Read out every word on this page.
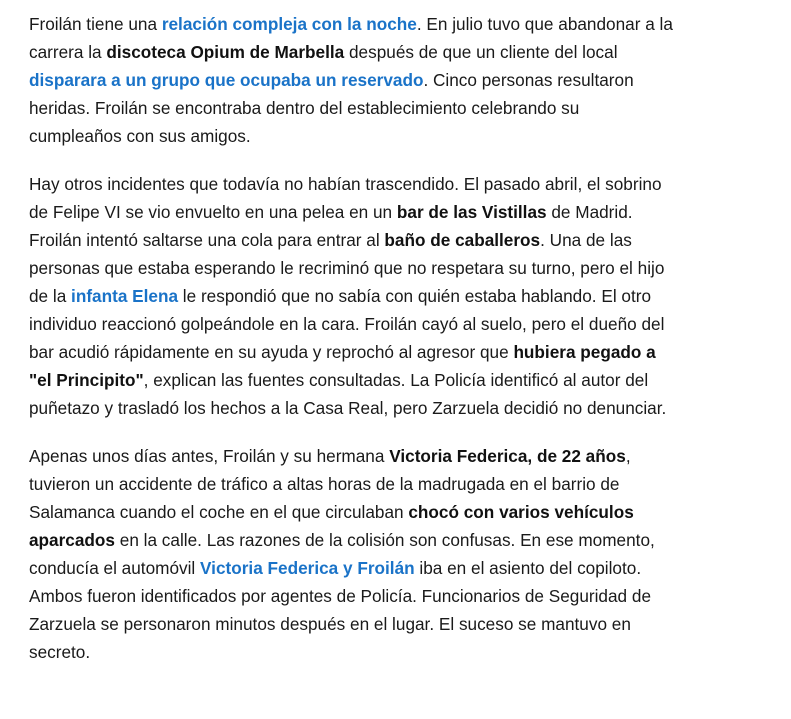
Froilán tiene una relación compleja con la noche. En julio tuvo que abandonar a la carrera la discoteca Opium de Marbella después de que un cliente del local disparara a un grupo que ocupaba un reservado. Cinco personas resultaron heridas. Froilán se encontraba dentro del establecimiento celebrando su cumpleaños con sus amigos.

Hay otros incidentes que todavía no habían trascendido. El pasado abril, el sobrino de Felipe VI se vio envuelto en una pelea en un bar de las Vistillas de Madrid. Froilán intentó saltarse una cola para entrar al baño de caballeros. Una de las personas que estaba esperando le recriminó que no respetara su turno, pero el hijo de la infanta Elena le respondió que no sabía con quién estaba hablando. El otro individuo reaccionó golpeándole en la cara. Froilán cayó al suelo, pero el dueño del bar acudió rápidamente en su ayuda y reprochó al agresor que hubiera pegado a "el Principito", explican las fuentes consultadas. La Policía identificó al autor del puñetazo y trasladó los hechos a la Casa Real, pero Zarzuela decidió no denunciar.

Apenas unos días antes, Froilán y su hermana Victoria Federica, de 22 años, tuvieron un accidente de tráfico a altas horas de la madrugada en el barrio de Salamanca cuando el coche en el que circulaban chocó con varios vehículos aparcados en la calle. Las razones de la colisión son confusas. En ese momento, conducía el automóvil Victoria Federica y Froilán iba en el asiento del copiloto. Ambos fueron identificados por agentes de Policía. Funcionarios de Seguridad de Zarzuela se personaron minutos después en el lugar. El suceso se mantuvo en secreto.
